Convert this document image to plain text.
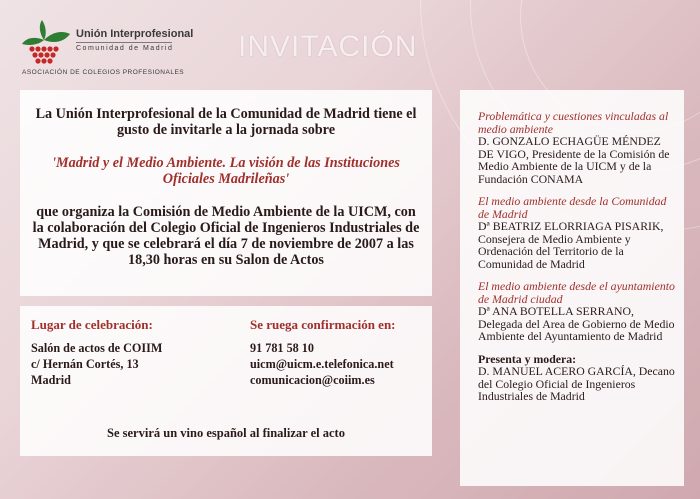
Unión Interprofesional
Comunidad de Madrid
ASOCIACIÓN DE COLEGIOS PROFESIONALES
INVITACIÓN

La Unión Interprofesional de la Comunidad de Madrid tiene el gusto de invitarle a la jornada sobre

'Madrid y el Medio Ambiente. La visión de las Instituciones Oficiales Madrileñas'

que organiza la Comisión de Medio Ambiente de la UICM, con la colaboración del Colegio Oficial de Ingenieros Industriales de Madrid, y que se celebrará el día 7 de noviembre de 2007 a las 18,30 horas en su Salon de Actos

Lugar de celebración:
Salón de actos de COIIM
c/ Hernán Cortés, 13
Madrid
Se ruega confirmación en:
91 781 58 10
uicm@uicm.e.telefonica.net
comunicacion@coiim.es
Se servirá un vino español al finalizar el acto
Problemática y cuestiones vinculadas al medio ambiente
D. GONZALO ECHAGÜE MÉNDEZ DE VIGO, Presidente de la Comisión de Medio Ambiente de la UICM y de la Fundación CONAMA
El medio ambiente desde la Comunidad de Madrid
Dª BEATRIZ ELORRIAGA PISARIK, Consejera de Medio Ambiente y Ordenación del Territorio de la Comunidad de Madrid
El medio ambiente desde el ayuntamiento de Madrid ciudad
Dª ANA BOTELLA SERRANO, Delegada del Area de Gobierno de Medio Ambiente del Ayuntamiento de Madrid
Presenta y modera:
D. MANUEL ACERO GARCÍA, Decano del Colegio Oficial de Ingenieros Industriales de Madrid
